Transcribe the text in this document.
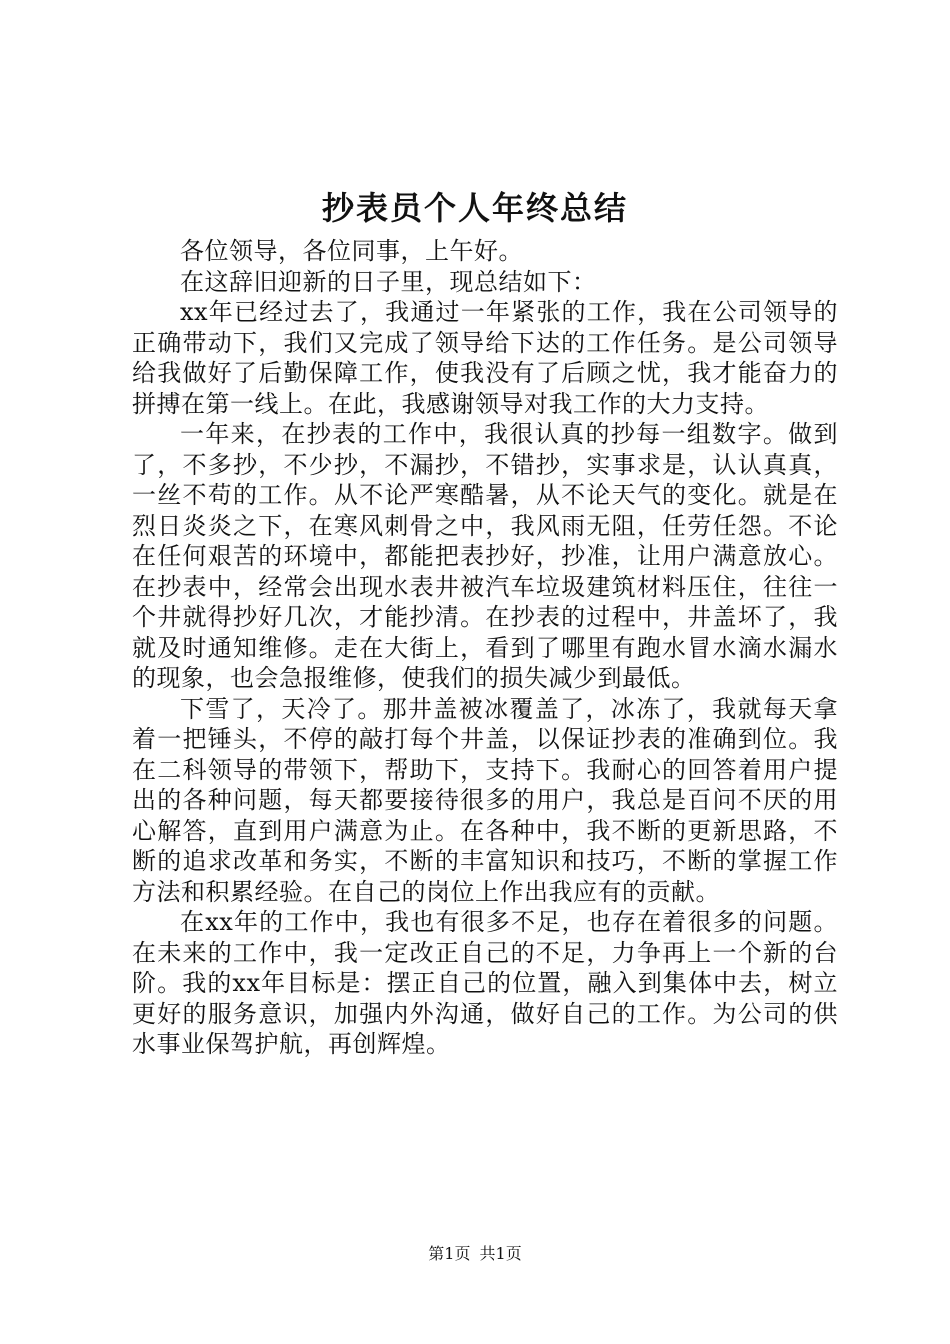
抄表员个人年终总结

各位领导，各位同事，上午好。

在这辞旧迎新的日子里，现总结如下：

xx年已经过去了，我通过一年紧张的工作，我在公司领导的正确带动下，我们又完成了领导给下达的工作任务。是公司领导给我做好了后勤保障工作，使我没有了后顾之忧，我才能奋力的拼搏在第一线上。在此，我感谢领导对我工作的大力支持。

一年来，在抄表的工作中，我很认真的抄每一组数字。做到了，不多抄，不少抄，不漏抄，不错抄，实事求是，认认真真，一丝不苟的工作。从不论严寒酷暑，从不论天气的变化。就是在烈日炎炎之下，在寒风刺骨之中，我风雨无阻，任劳任怨。不论在任何艰苦的环境中，都能把表抄好，抄准，让用户满意放心。在抄表中，经常会出现水表井被汽车垃圾建筑材料压住，往往一个井就得抄好几次，才能抄清。在抄表的过程中，井盖坏了，我就及时通知维修。走在大街上，看到了哪里有跑水冒水滴水漏水的现象，也会急报维修，使我们的损失减少到最低。

下雪了，天冷了。那井盖被冰覆盖了，冰冻了，我就每天拿着一把锤头，不停的敲打每个井盖，以保证抄表的准确到位。我在二科领导的带领下，帮助下，支持下。我耐心的回答着用户提出的各种问题，每天都要接待很多的用户，我总是百问不厌的用心解答，直到用户满意为止。在各种中，我不断的更新思路，不断的追求改革和务实，不断的丰富知识和技巧，不断的掌握工作方法和积累经验。在自己的岗位上作出我应有的贡献。

在xx年的工作中，我也有很多不足，也存在着很多的问题。在未来的工作中，我一定改正自己的不足，力争再上一个新的台阶。我的xx年目标是：摆正自己的位置，融入到集体中去，树立更好的服务意识，加强内外沟通，做好自己的工作。为公司的供水事业保驾护航，再创辉煌。

第1页 共1页
